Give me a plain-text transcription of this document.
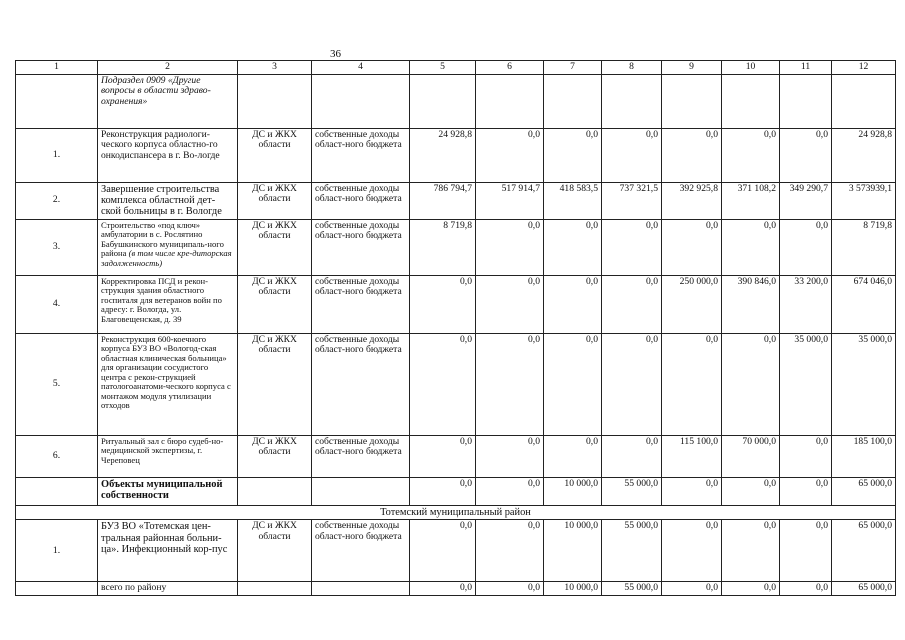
36
1	2	3	4	5	6	7	8	9	10	11	12
	Подраздел 0909 «Другие вопросы в области здраво-охранения»										
1.	Реконструкция радиологи-ческого корпуса областно-го онкодиспансера в г. Во-логде	ДС и ЖКХ области	собственные доходы област-ного бюджета	24 928,8	0,0	0,0	0,0	0,0	0,0	0,0	24 928,8
2.	Завершение строительства комплекса областной дет-ской больницы в г. Вологде	ДС и ЖКХ области	собственные доходы област-ного бюджета	786 794,7	517 914,7	418 583,5	737 321,5	392 925,8	371 108,2	349 290,7	3 573939,1
3.	Строительство «под ключ» амбулатории в с. Рослятино Бабушкинского муниципаль-ного района (в том числе кре-диторская задолженность)	ДС и ЖКХ области	собственные доходы област-ного бюджета	8 719,8	0,0	0,0	0,0	0,0	0,0	0,0	8 719,8
4.	Корректировка ПСД и рекон-струкция здания областного госпиталя для ветеранов войн по адресу: г. Вологда, ул. Благовещенская, д. 39	ДС и ЖКХ области	собственные доходы област-ного бюджета	0,0	0,0	0,0	0,0	250 000,0	390 846,0	33 200,0	674 046,0
5.	Реконструкция 600-коечного корпуса БУЗ ВО «Вологод-ская областная клиническая больница» для организации сосудистого центра с рекон-струкцией патологоанатоми-ческого корпуса с монтажом модуля утилизации отходов	ДС и ЖКХ области	собственные доходы област-ного бюджета	0,0	0,0	0,0	0,0	0,0	0,0	35 000,0	35 000,0
6.	Ритуальный зал с бюро судеб-но-медицинской экспертизы, г. Череповец	ДС и ЖКХ области	собственные доходы област-ного бюджета	0,0	0,0	0,0	0,0	115 100,0	70 000,0	0,0	185 100,0
	Объекты муниципальной собственности			0,0	0,0	10 000,0	55 000,0	0,0	0,0	0,0	65 000,0
Тотемский муниципальный район											
1.	БУЗ ВО «Тотемская цен-тральная районная больни-ца». Инфекционный кор-пус	ДС и ЖКХ области	собственные доходы област-ного бюджета	0,0	0,0	10 000,0	55 000,0	0,0	0,0	0,0	65 000,0
	всего по району			0,0	0,0	10 000,0	55 000,0	0,0	0,0	0,0	65 000,0
